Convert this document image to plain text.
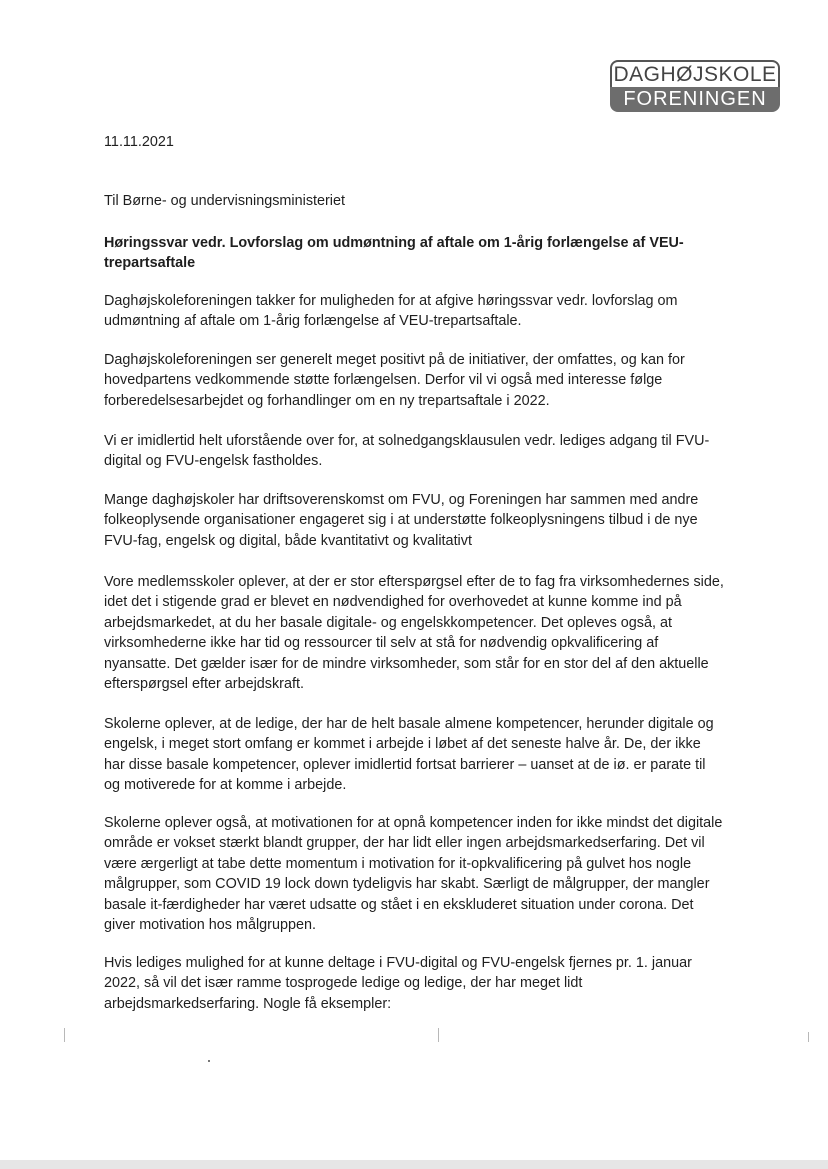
DAGHØJSKOLE
FORENINGEN

11.11.2021

Til Børne- og undervisningsministeriet

Høringssvar vedr. Lovforslag om udmøntning af aftale om 1-årig forlængelse af VEU-trepartsaftale

Daghøjskoleforeningen takker for muligheden for at afgive høringssvar vedr. lovforslag om udmøntning af aftale om 1-årig forlængelse af VEU-trepartsaftale.

Daghøjskoleforeningen ser generelt meget positivt på de initiativer, der omfattes, og kan for hovedpartens vedkommende støtte forlængelsen. Derfor vil vi også med interesse følge forberedelsesarbejdet og forhandlinger om en ny trepartsaftale i 2022.

Vi er imidlertid helt uforstående over for, at solnedgangsklausulen vedr. lediges adgang til FVU-digital og FVU-engelsk fastholdes.

Mange daghøjskoler har driftsoverenskomst om FVU, og Foreningen har sammen med andre folkeoplysende organisationer engageret sig i at understøtte folkeoplysningens tilbud i de nye FVU-fag, engelsk og digital, både kvantitativt og kvalitativt

Vore medlemsskoler oplever, at der er stor efterspørgsel efter de to fag fra virksomhedernes side, idet det i stigende grad er blevet en nødvendighed for overhovedet at kunne komme ind på arbejdsmarkedet, at du her basale digitale- og engelskkompetencer. Det opleves også, at virksomhederne ikke har tid og ressourcer til selv at stå for nødvendig opkvalificering af nyansatte. Det gælder især for de mindre virksomheder, som står for en stor del af den aktuelle efterspørgsel efter arbejdskraft.

Skolerne oplever, at de ledige, der har de helt basale almene kompetencer, herunder digitale og engelsk, i meget stort omfang er kommet i arbejde i løbet af det seneste halve år. De, der ikke har disse basale kompetencer, oplever imidlertid fortsat barrierer – uanset at de iø. er parate til og motiverede for at komme i arbejde.

Skolerne oplever også, at motivationen for at opnå kompetencer inden for ikke mindst det digitale område er vokset stærkt blandt grupper, der har lidt eller ingen arbejdsmarkedserfaring. Det vil være ærgerligt at tabe dette momentum i motivation for it-opkvalificering på gulvet hos nogle målgrupper, som COVID 19 lock down tydeligvis har skabt. Særligt de målgrupper, der mangler basale it-færdigheder har været udsatte og stået i en ekskluderet situation under corona. Det giver motivation hos målgruppen.

Hvis lediges mulighed for at kunne deltage i FVU-digital og FVU-engelsk fjernes pr. 1. januar 2022, så vil det især ramme tosprogede ledige og ledige, der har meget lidt arbejdsmarkedserfaring. Nogle få eksempler:
